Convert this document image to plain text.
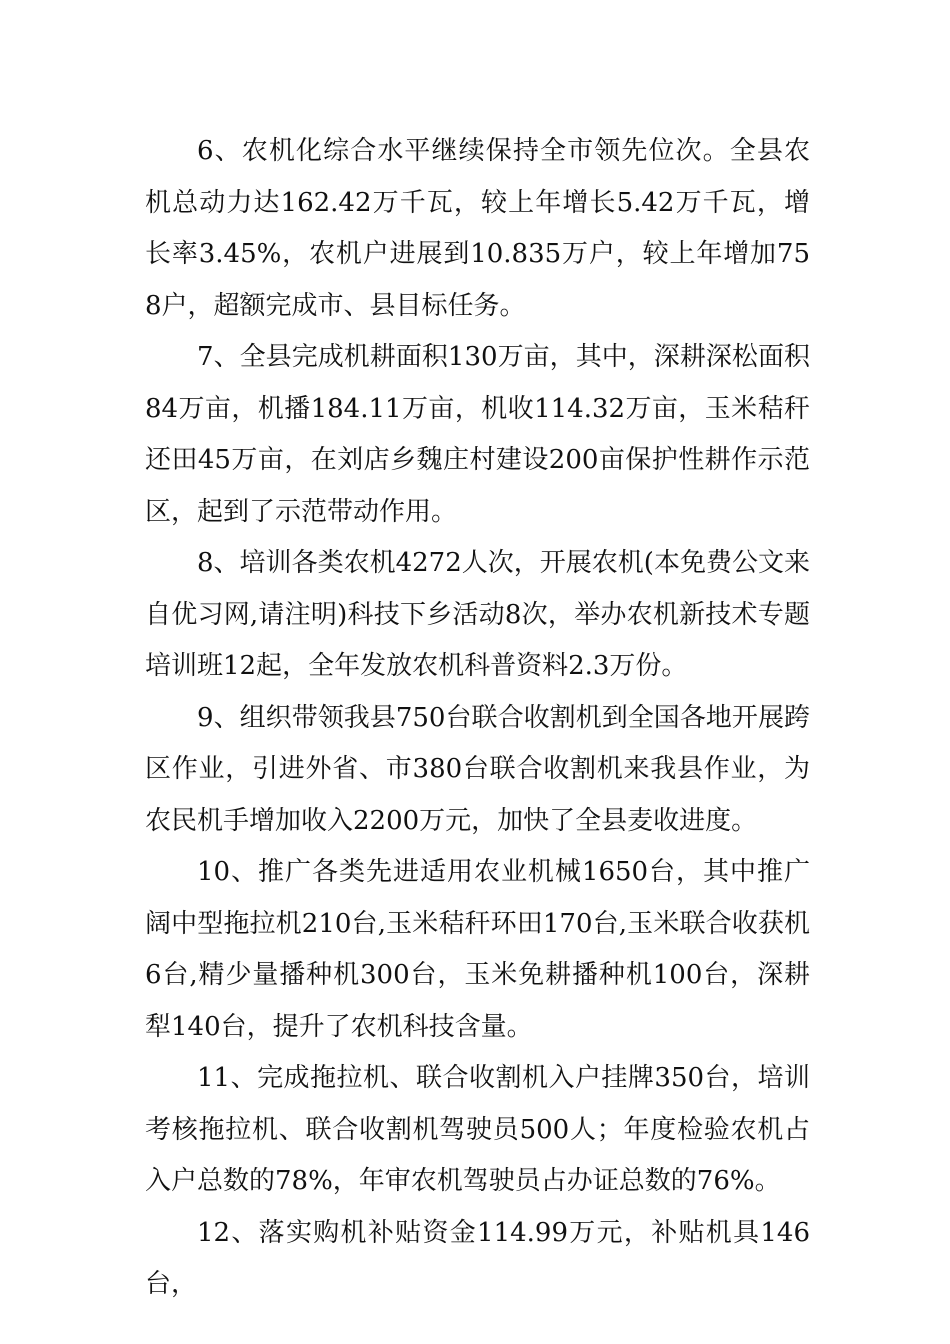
6、农机化综合水平继续保持全市领先位次。全县农机总动力达162.42万千瓦，较上年增长5.42万千瓦，增长率3.45%，农机户进展到10.835万户，较上年增加758户，超额完成市、县目标任务。

7、全县完成机耕面积130万亩，其中，深耕深松面积84万亩，机播184.11万亩，机收114.32万亩，玉米秸秆还田45万亩，在刘店乡魏庄村建设200亩保护性耕作示范区，起到了示范带动作用。

8、培训各类农机4272人次，开展农机(本免费公文来自优习网,请注明)科技下乡活动8次，举办农机新技术专题培训班12起，全年发放农机科普资料2.3万份。

9、组织带领我县750台联合收割机到全国各地开展跨区作业，引进外省、市380台联合收割机来我县作业，为农民机手增加收入2200万元，加快了全县麦收进度。

10、推广各类先进适用农业机械1650台，其中推广阔中型拖拉机210台,玉米秸秆环田170台,玉米联合收获机6台,精少量播种机300台，玉米免耕播种机100台，深耕犁140台，提升了农机科技含量。

11、完成拖拉机、联合收割机入户挂牌350台，培训考核拖拉机、联合收割机驾驶员500人；年度检验农机占入户总数的78%，年审农机驾驶员占办证总数的76%。

12、落实购机补贴资金114.99万元，补贴机具146台，
